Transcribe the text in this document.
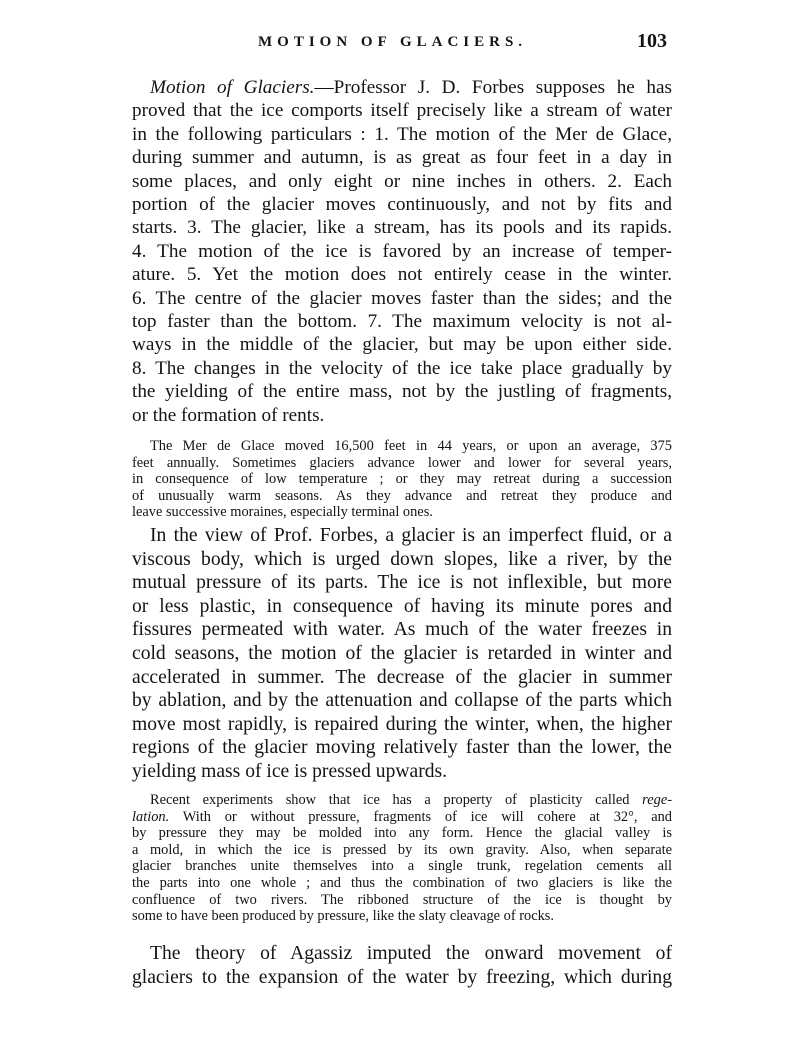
MOTION OF GLACIERS.	103
Motion of Glaciers.—Professor J. D. Forbes supposes he has
proved that the ice comports itself precisely like a stream of water
in the following particulars : 1. The motion of the Mer de Glace,
during summer and autumn, is as great as four feet in a day in
some places, and only eight or nine inches in others. 2. Each
portion of the glacier moves continuously, and not by fits and
starts. 3. The glacier, like a stream, has its pools and its rapids.
4. The motion of the ice is favored by an increase of temper-
ature. 5. Yet the motion does not entirely cease in the winter.
6. The centre of the glacier moves faster than the sides; and the
top faster than the bottom. 7. The maximum velocity is not al-
ways in the middle of the glacier, but may be upon either side.
8. The changes in the velocity of the ice take place gradually by
the yielding of the entire mass, not by the justling of fragments,
or the formation of rents.
The Mer de Glace moved 16,500 feet in 44 years, or upon an average, 375
feet annually. Sometimes glaciers advance lower and lower for several years,
in consequence of low temperature ; or they may retreat during a succession
of unusually warm seasons. As they advance and retreat they produce and
leave successive moraines, especially terminal ones.
In the view of Prof. Forbes, a glacier is an imperfect fluid, or a
viscous body, which is urged down slopes, like a river, by the
mutual pressure of its parts. The ice is not inflexible, but more
or less plastic, in consequence of having its minute pores and
fissures permeated with water. As much of the water freezes in
cold seasons, the motion of the glacier is retarded in winter and
accelerated in summer. The decrease of the glacier in summer
by ablation, and by the attenuation and collapse of the parts which
move most rapidly, is repaired during the winter, when, the higher
regions of the glacier moving relatively faster than the lower, the
yielding mass of ice is pressed upwards.
Recent experiments show that ice has a property of plasticity called rege-
lation. With or without pressure, fragments of ice will cohere at 32°, and
by pressure they may be molded into any form. Hence the glacial valley is
a mold, in which the ice is pressed by its own gravity. Also, when separate
glacier branches unite themselves into a single trunk, regelation cements all
the parts into one whole ; and thus the combination of two glaciers is like the
confluence of two rivers. The ribboned structure of the ice is thought by
some to have been produced by pressure, like the slaty cleavage of rocks.
The theory of Agassiz imputed the onward movement of
glaciers to the expansion of the water by freezing, which during
